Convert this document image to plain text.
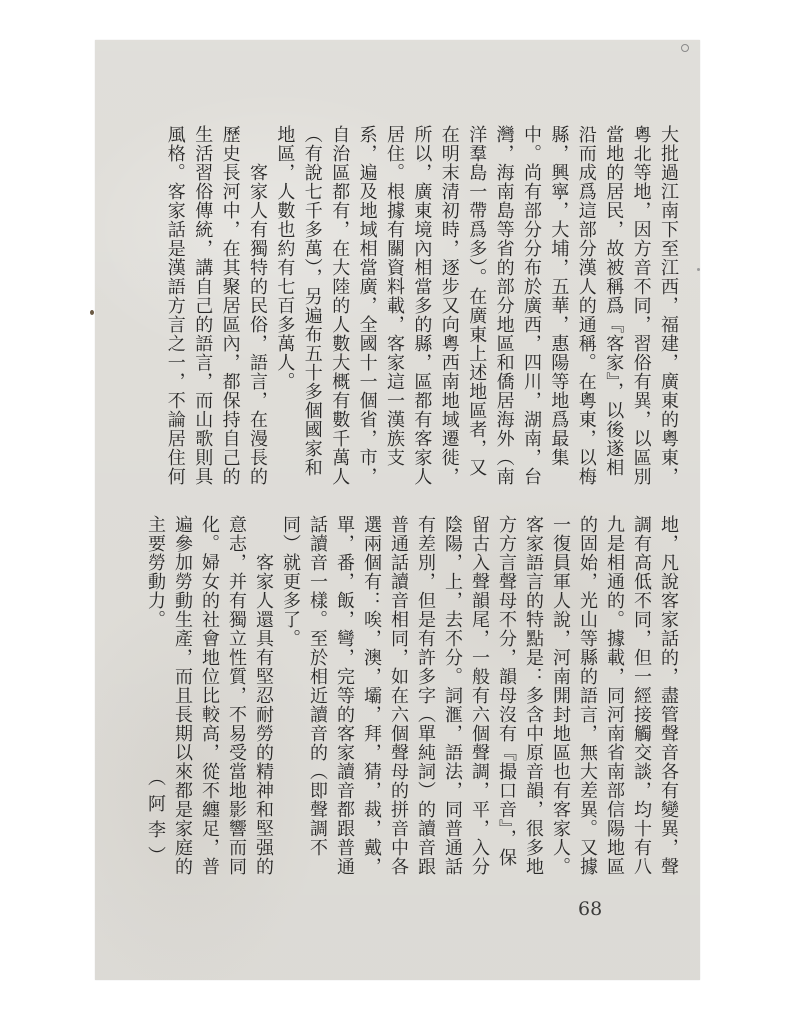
大批過江南下至江西，福建，廣東的粵東，
粵北等地，因方音不同，習俗有異，以區別
當地的居民，故被稱爲『客家』，以後遂相
沿而成爲這部分漢人的通稱。在粵東，以梅
縣，興寧，大埔，五華，惠陽等地爲最集
中。尚有部分分布於廣西，四川，湖南，台
灣，海南島等省的部分地區和僑居海外（南
洋羣島一帶爲多）。在廣東上述地區者，又
在明末清初時，逐步又向粵西南地域遷徙，
所以，廣東境內相當多的縣，區都有客家人
居住。根據有關資料載，客家這一漢族支
系，遍及地域相當廣，全國十一個省，市，
自治區都有，在大陸的人數大概有數千萬人
（有說七千多萬），另遍布五十多個國家和
地區，人數也約有七百多萬人。
客家人有獨特的民俗，語言，在漫長的
歷史長河中，在其聚居區內，都保持自己的
生活習俗傳統，講自己的語言，而山歌則具
風格。客家話是漢語方言之一，不論居住何
地，凡說客家話的，盡管聲音各有變異，聲
調有高低不同，但一經接觸交談，均十有八
九是相通的。據載，同河南省南部信陽地區
的固始，光山等縣的語言，無大差異。又據
一復員軍人說，河南開封地區也有客家人。
客家語言的特點是：多含中原音韻，很多地
方方言聲母不分，韻母沒有『撮口音』，保
留古入聲韻尾，一般有六個聲調，平，入分
陰陽，上，去不分。詞滙，語法，同普通話
有差別，但是有許多字（單純詞）的讀音跟
普通話讀音相同，如在六個聲母的拼音中各
選兩個有：唉，澳，壩，拜，猜，裁，戴，
單，番，飯，彎，完等的客家讀音都跟普通
話讀音一樣。至於相近讀音的（即聲調不
同）就更多了。
客家人還具有堅忍耐勞的精神和堅强的
意志，并有獨立性質，不易受當地影響而同
化。婦女的社會地位比較高，從不纏足，普
遍參加勞動生產，而且長期以來都是家庭的
主要勞動力。
（阿李）
68
